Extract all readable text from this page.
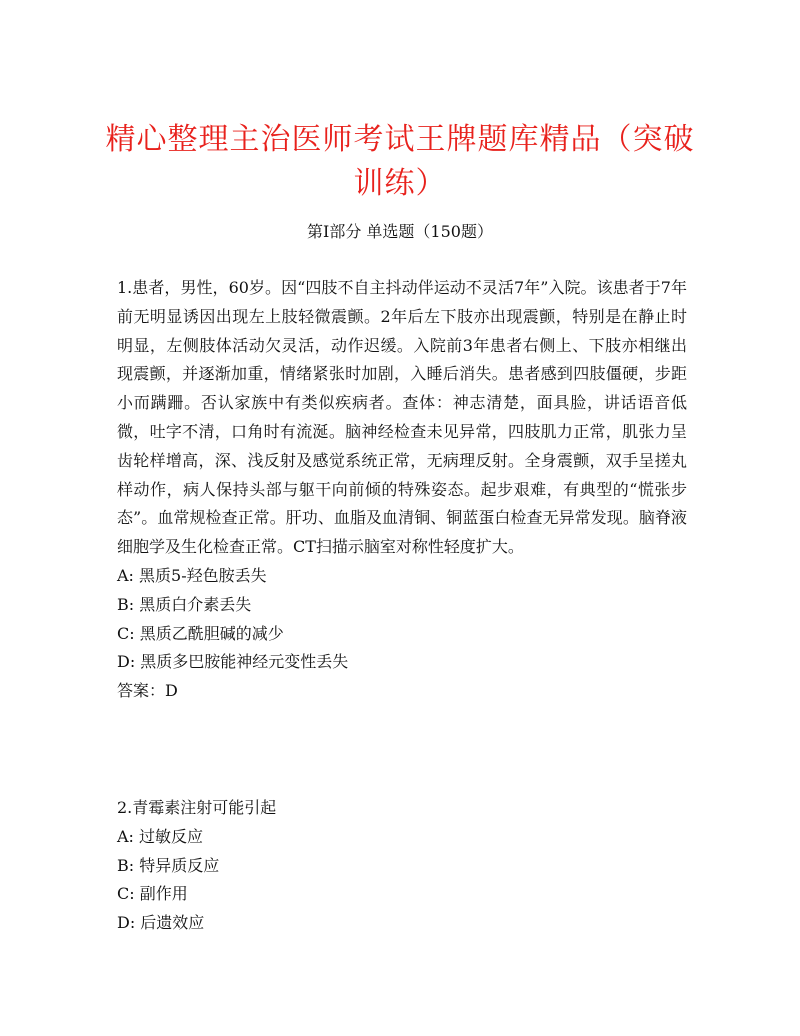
精心整理主治医师考试王牌题库精品（突破训练）
第I部分 单选题（150题）

1.患者，男性，60岁。因“四肢不自主抖动伴运动不灵活7年”入院。该患者于7年前无明显诱因出现左上肢轻微震颤。2年后左下肢亦出现震颤，特别是在静止时明显，左侧肢体活动欠灵活，动作迟缓。入院前3年患者右侧上、下肢亦相继出现震颤，并逐渐加重，情绪紧张时加剧，入睡后消失。患者感到四肢僵硬，步距小而蹒跚。否认家族中有类似疾病者。查体：神志清楚，面具脸，讲话语音低微，吐字不清，口角时有流涎。脑神经检查未见异常，四肢肌力正常，肌张力呈齿轮样增高，深、浅反射及感觉系统正常，无病理反射。全身震颤，双手呈搓丸样动作，病人保持头部与躯干向前倾的特殊姿态。起步艰难，有典型的“慌张步态”。血常规检查正常。肝功、血脂及血清铜、铜蓝蛋白检查无异常发现。脑脊液细胞学及生化检查正常。CT扫描示脑室对称性轻度扩大。

A: 黑质5-羟色胺丢失

B: 黑质白介素丢失

C: 黑质乙酰胆碱的减少

D: 黑质多巴胺能神经元变性丢失

答案：D

2.青霉素注射可能引起

A: 过敏反应

B: 特异质反应

C: 副作用

D: 后遗效应
